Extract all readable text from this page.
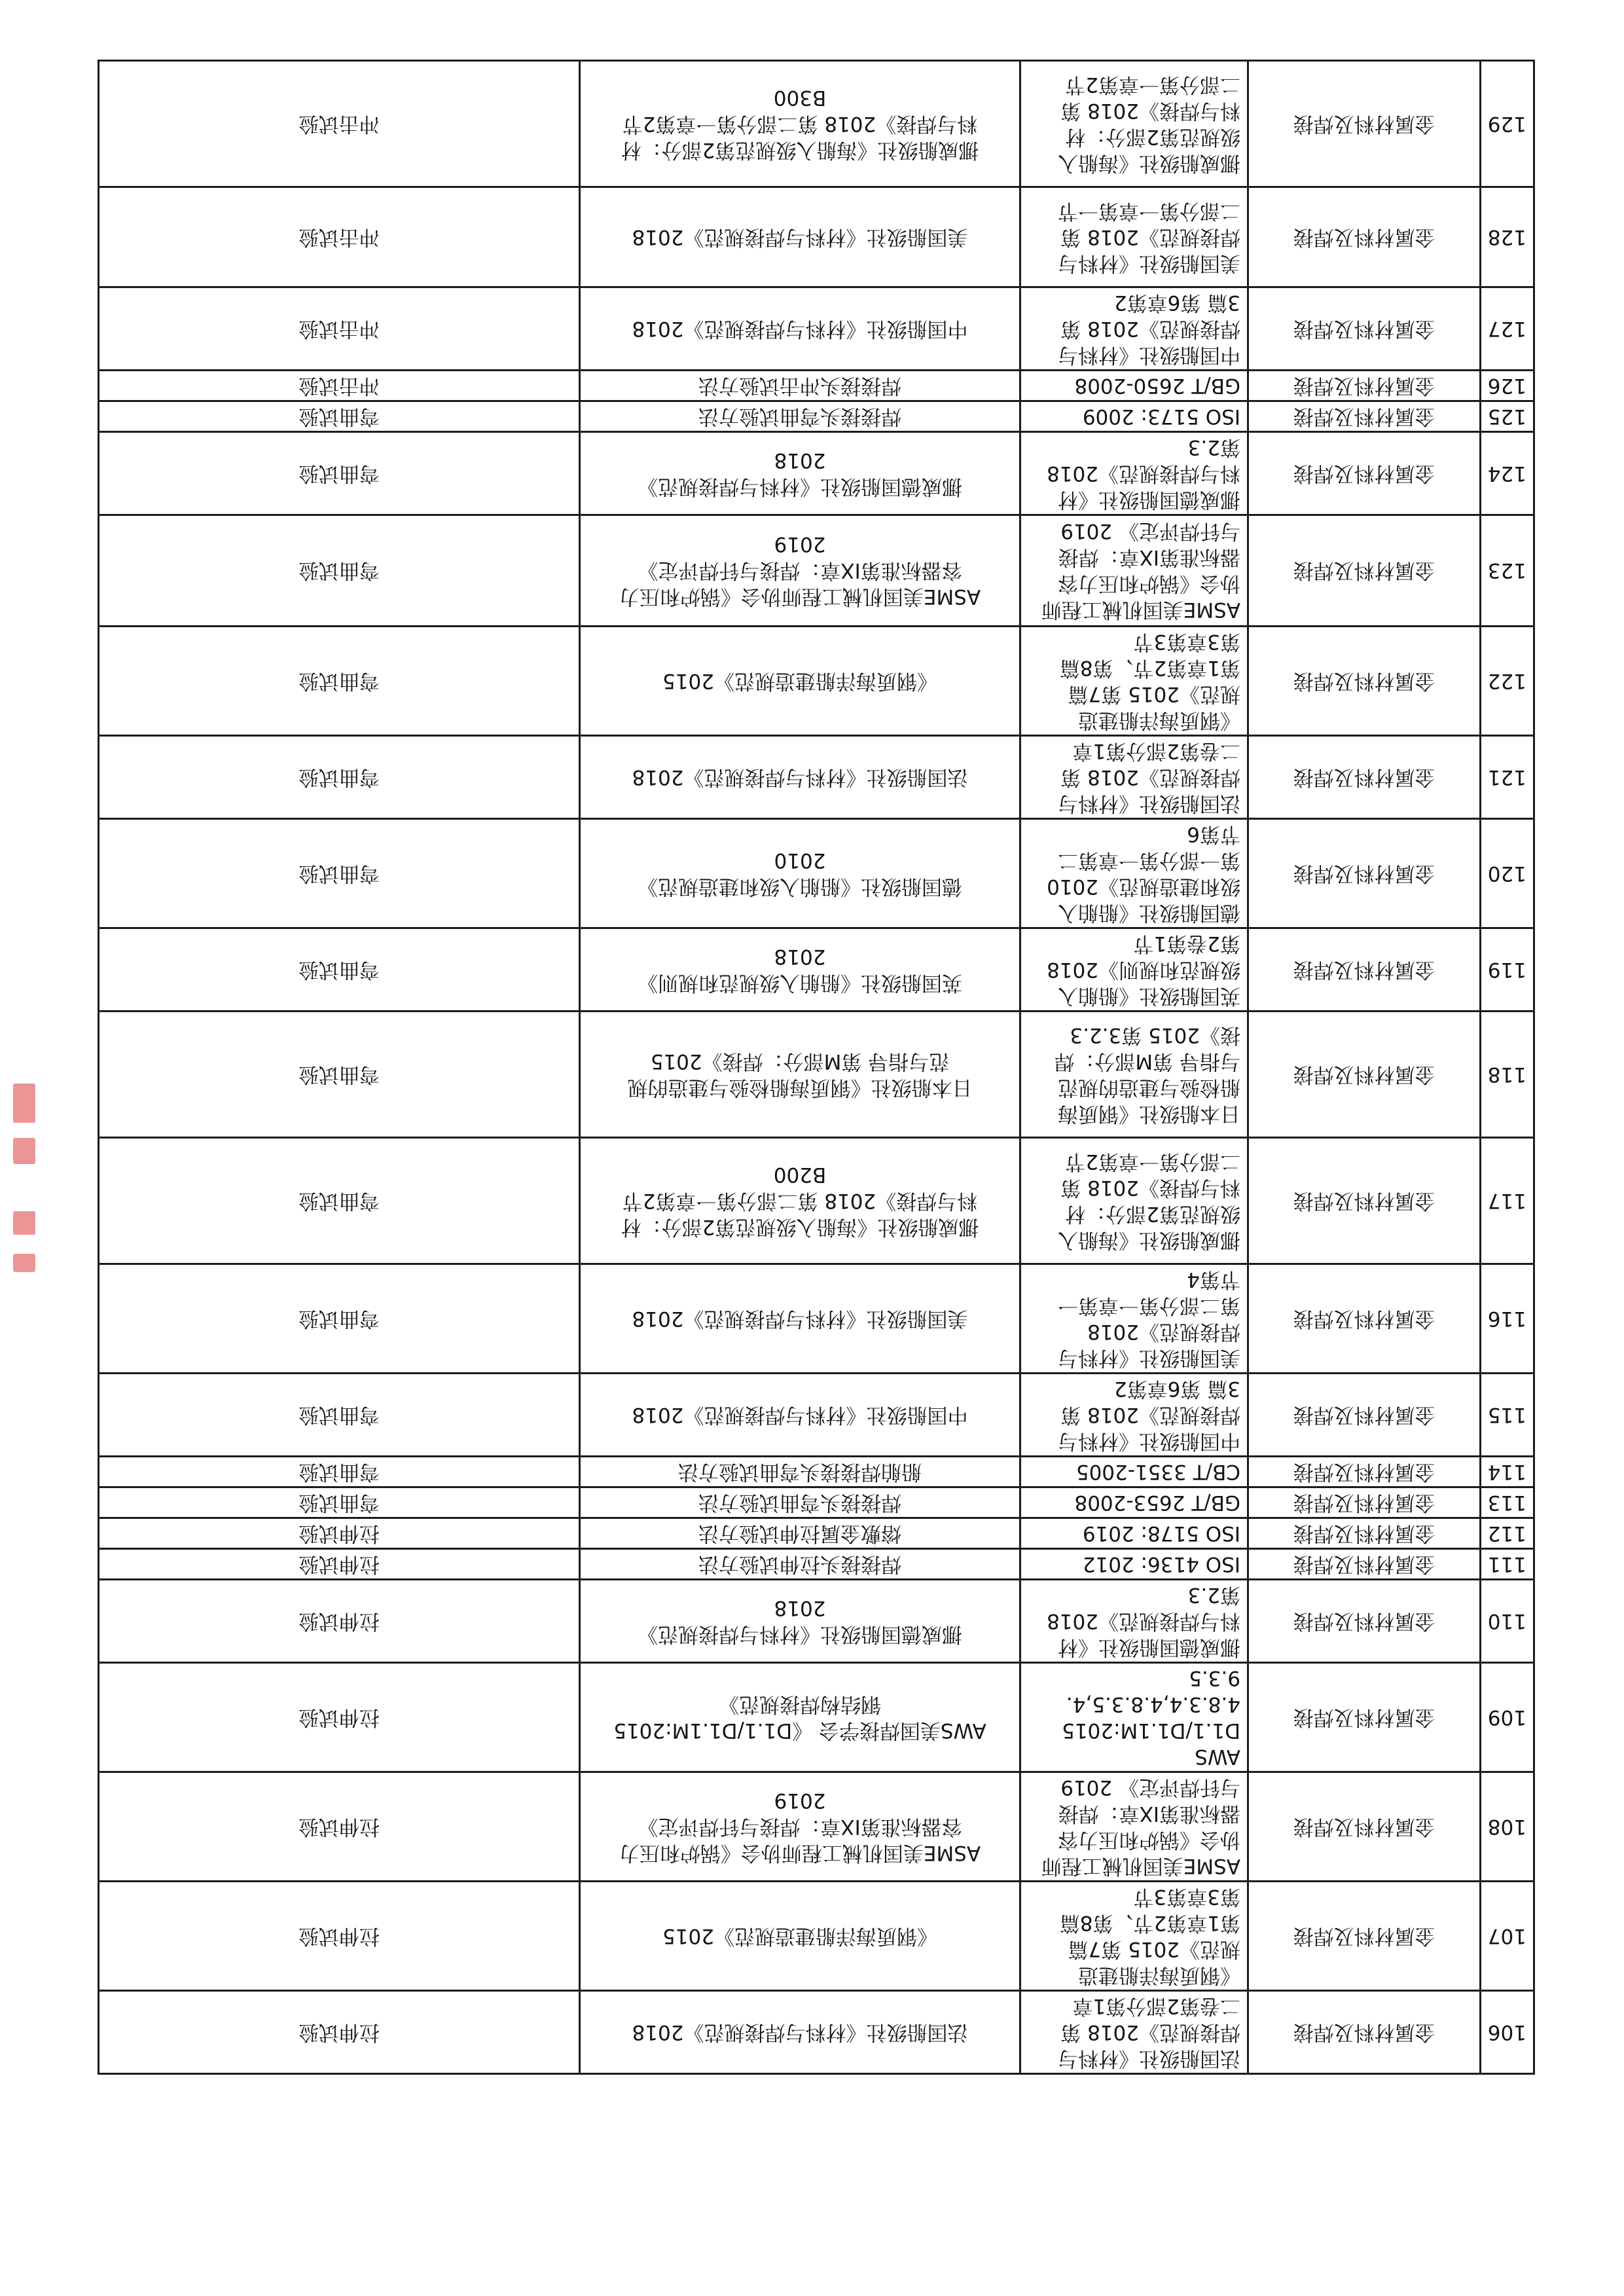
106	金属材料及焊接	法国船级社《材料与
焊接规范》2018 第
二卷第2部分第1章	法国船级社《材料与焊接规范》2018	拉伸试验
107	金属材料及焊接	《钢质海洋船建造
规范》2015 第7篇
第1章第2节、第8篇
第3章第3节	《钢质海洋船建造规范》2015	拉伸试验
108	金属材料及焊接	ASME美国机械工程师
协会《锅炉和压力容
器标准第IX章：焊接
与钎焊评定》 2019	ASME美国机械工程师协会《锅炉和压力
容器标准第IX章：焊接与钎焊评定》
2019	拉伸试验
109	金属材料及焊接	AWS
D1.1/D1.1M:2015
4.8.3.4,4.8.3.5,4.
9.3.5	AWS美国焊接学会 《D1.1/D1.1M:2015
钢结构焊接规范》	拉伸试验
110	金属材料及焊接	挪威德国船级社《材
料与焊接规范》2018
第2.3	挪威德国船级社《材料与焊接规范》
2018	拉伸试验
111	金属材料及焊接	ISO 4136: 2012	焊接接头拉伸试验方法	拉伸试验
112	金属材料及焊接	ISO 5178: 2019	熔敷金属拉伸试验方法	拉伸试验
113	金属材料及焊接	GB/T 2653-2008	焊接接头弯曲试验方法	弯曲试验
114	金属材料及焊接	CB/T 3351-2005	船舶焊接接头弯曲试验方法	弯曲试验
115	金属材料及焊接	中国船级社《材料与
焊接规范》2018 第
3篇 第6章第2	中国船级社《材料与焊接规范》2018	弯曲试验
116	金属材料及焊接	美国船级社《材料与
焊接规范》2018
第二部分第一章第一
节第4	美国船级社《材料与焊接规范》2018	弯曲试验
117	金属材料及焊接	挪威船级社《海船入
级规范第2部分：材
料与焊接》2018 第
二部分第一章第2节	挪威船级社《海船入级规范第2部分：材
料与焊接》2018 第二部分第一章第2节
B200	弯曲试验
118	金属材料及焊接	日本船级社《钢质海
船检验与建造的规范
与指导 第M部分：焊
接》2015 第3.2.3	日本船级社《钢质海船检验与建造的规
范与指导 第M部分：焊接》2015	弯曲试验
119	金属材料及焊接	英国船级社《船舶入
级规范和规则》2018
第2卷第1节	英国船级社《船舶入级规范和规则》
2018	弯曲试验
120	金属材料及焊接	德国船级社《船舶入
级和建造规范》2010
第一部分第一章第二
节第6	德国船级社《船舶入级和建造规范》
2010	弯曲试验
121	金属材料及焊接	法国船级社《材料与
焊接规范》2018 第
二卷第2部分第1章	法国船级社《材料与焊接规范》2018	弯曲试验
122	金属材料及焊接	《钢质海洋船建造
规范》2015 第7篇
第1章第2节、第8篇
第3章第3节	《钢质海洋船建造规范》2015	弯曲试验
123	金属材料及焊接	ASME美国机械工程师
协会《锅炉和压力容
器标准第IX章：焊接
与钎焊评定》 2019	ASME美国机械工程师协会《锅炉和压力
容器标准第IX章：焊接与钎焊评定》
2019	弯曲试验
124	金属材料及焊接	挪威德国船级社《材
料与焊接规范》2018
第2.3	挪威德国船级社《材料与焊接规范》
2018	弯曲试验
125	金属材料及焊接	ISO 5173: 2009	焊接接头弯曲试验方法	弯曲试验
126	金属材料及焊接	GB/T 2650-2008	焊接接头冲击试验方法	冲击试验
127	金属材料及焊接	中国船级社《材料与
焊接规范》2018 第
3篇 第6章第2	中国船级社《材料与焊接规范》2018	冲击试验
128	金属材料及焊接	美国船级社《材料与
焊接规范》2018 第
二部分第一章第一节	美国船级社《材料与焊接规范》2018	冲击试验
129	金属材料及焊接	挪威船级社《海船入
级规范第2部分：材
料与焊接》2018 第
二部分第一章第2节	挪威船级社《海船入级规范第2部分：材
料与焊接》2018 第二部分第一章第2节
B300	冲击试验
